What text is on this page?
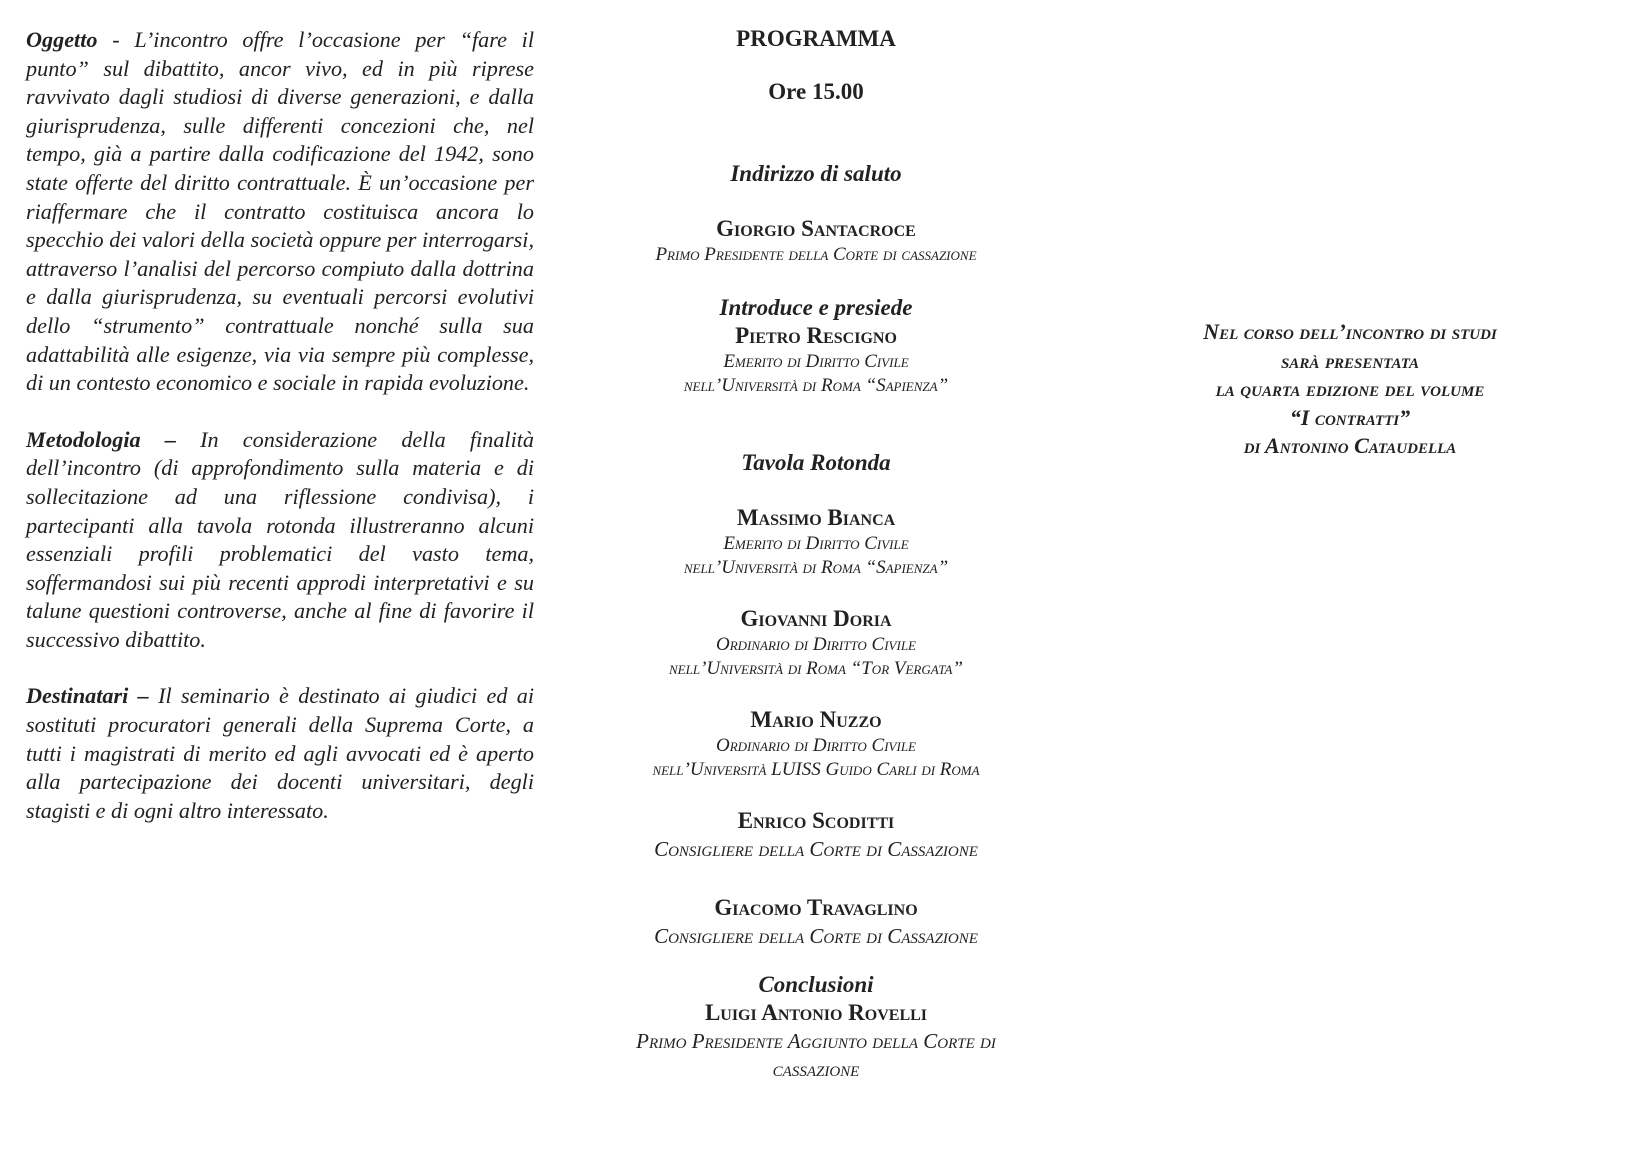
Oggetto - L’incontro offre l’occasione per “fare il punto” sul dibattito, ancor vivo, ed in più riprese ravvivato dagli studiosi di diverse generazioni, e dalla giurisprudenza, sulle differenti concezioni che, nel tempo, già a partire dalla codificazione del 1942, sono state offerte del diritto contrattuale. È un’occasione per riaffermare che il contratto costituisca ancora lo specchio dei valori della società oppure per interrogarsi, attraverso l’analisi del percorso compiuto dalla dottrina e dalla giurisprudenza, su eventuali percorsi evolutivi dello “strumento” contrattuale nonché sulla sua adattabilità alle esigenze, via via sempre più complesse, di un contesto economico e sociale in rapida evoluzione.

Metodologia – In considerazione della finalità dell’incontro (di approfondimento sulla materia e di sollecitazione ad una riflessione condivisa), i partecipanti alla tavola rotonda illustreranno alcuni essenziali profili problematici del vasto tema, soffermandosi sui più recenti approdi interpretativi e su talune questioni controverse, anche al fine di favorire il successivo dibattito.

Destinatari – Il seminario è destinato ai giudici ed ai sostituti procuratori generali della Suprema Corte, a tutti i magistrati di merito ed agli avvocati ed è aperto alla partecipazione dei docenti universitari, degli stagisti e di ogni altro interessato.

PROGRAMMA
Ore 15.00
Indirizzo di saluto
Giorgio Santacroce
Primo Presidente della Corte di cassazione
Introduce e presiede
Pietro Rescigno
Emerito di Diritto Civile
nell’Università di Roma “Sapienza”
Tavola Rotonda
Massimo Bianca
Emerito di Diritto Civile
nell’Università di Roma “Sapienza”
Giovanni Doria
Ordinario di Diritto Civile
nell’Università di Roma “Tor Vergata”
Mario Nuzzo
Ordinario di Diritto Civile
nell’Università LUISS Guido Carli di Roma
Enrico Scoditti
Consigliere della Corte di Cassazione
Giacomo Travaglino
Consigliere della Corte di Cassazione
Conclusioni
Luigi Antonio Rovelli
Primo Presidente Aggiunto della Corte di
cassazione
Nel corso dell’incontro di studi
sarà presentata
la quarta edizione del volume
“I contratti”
di Antonino Cataudella
